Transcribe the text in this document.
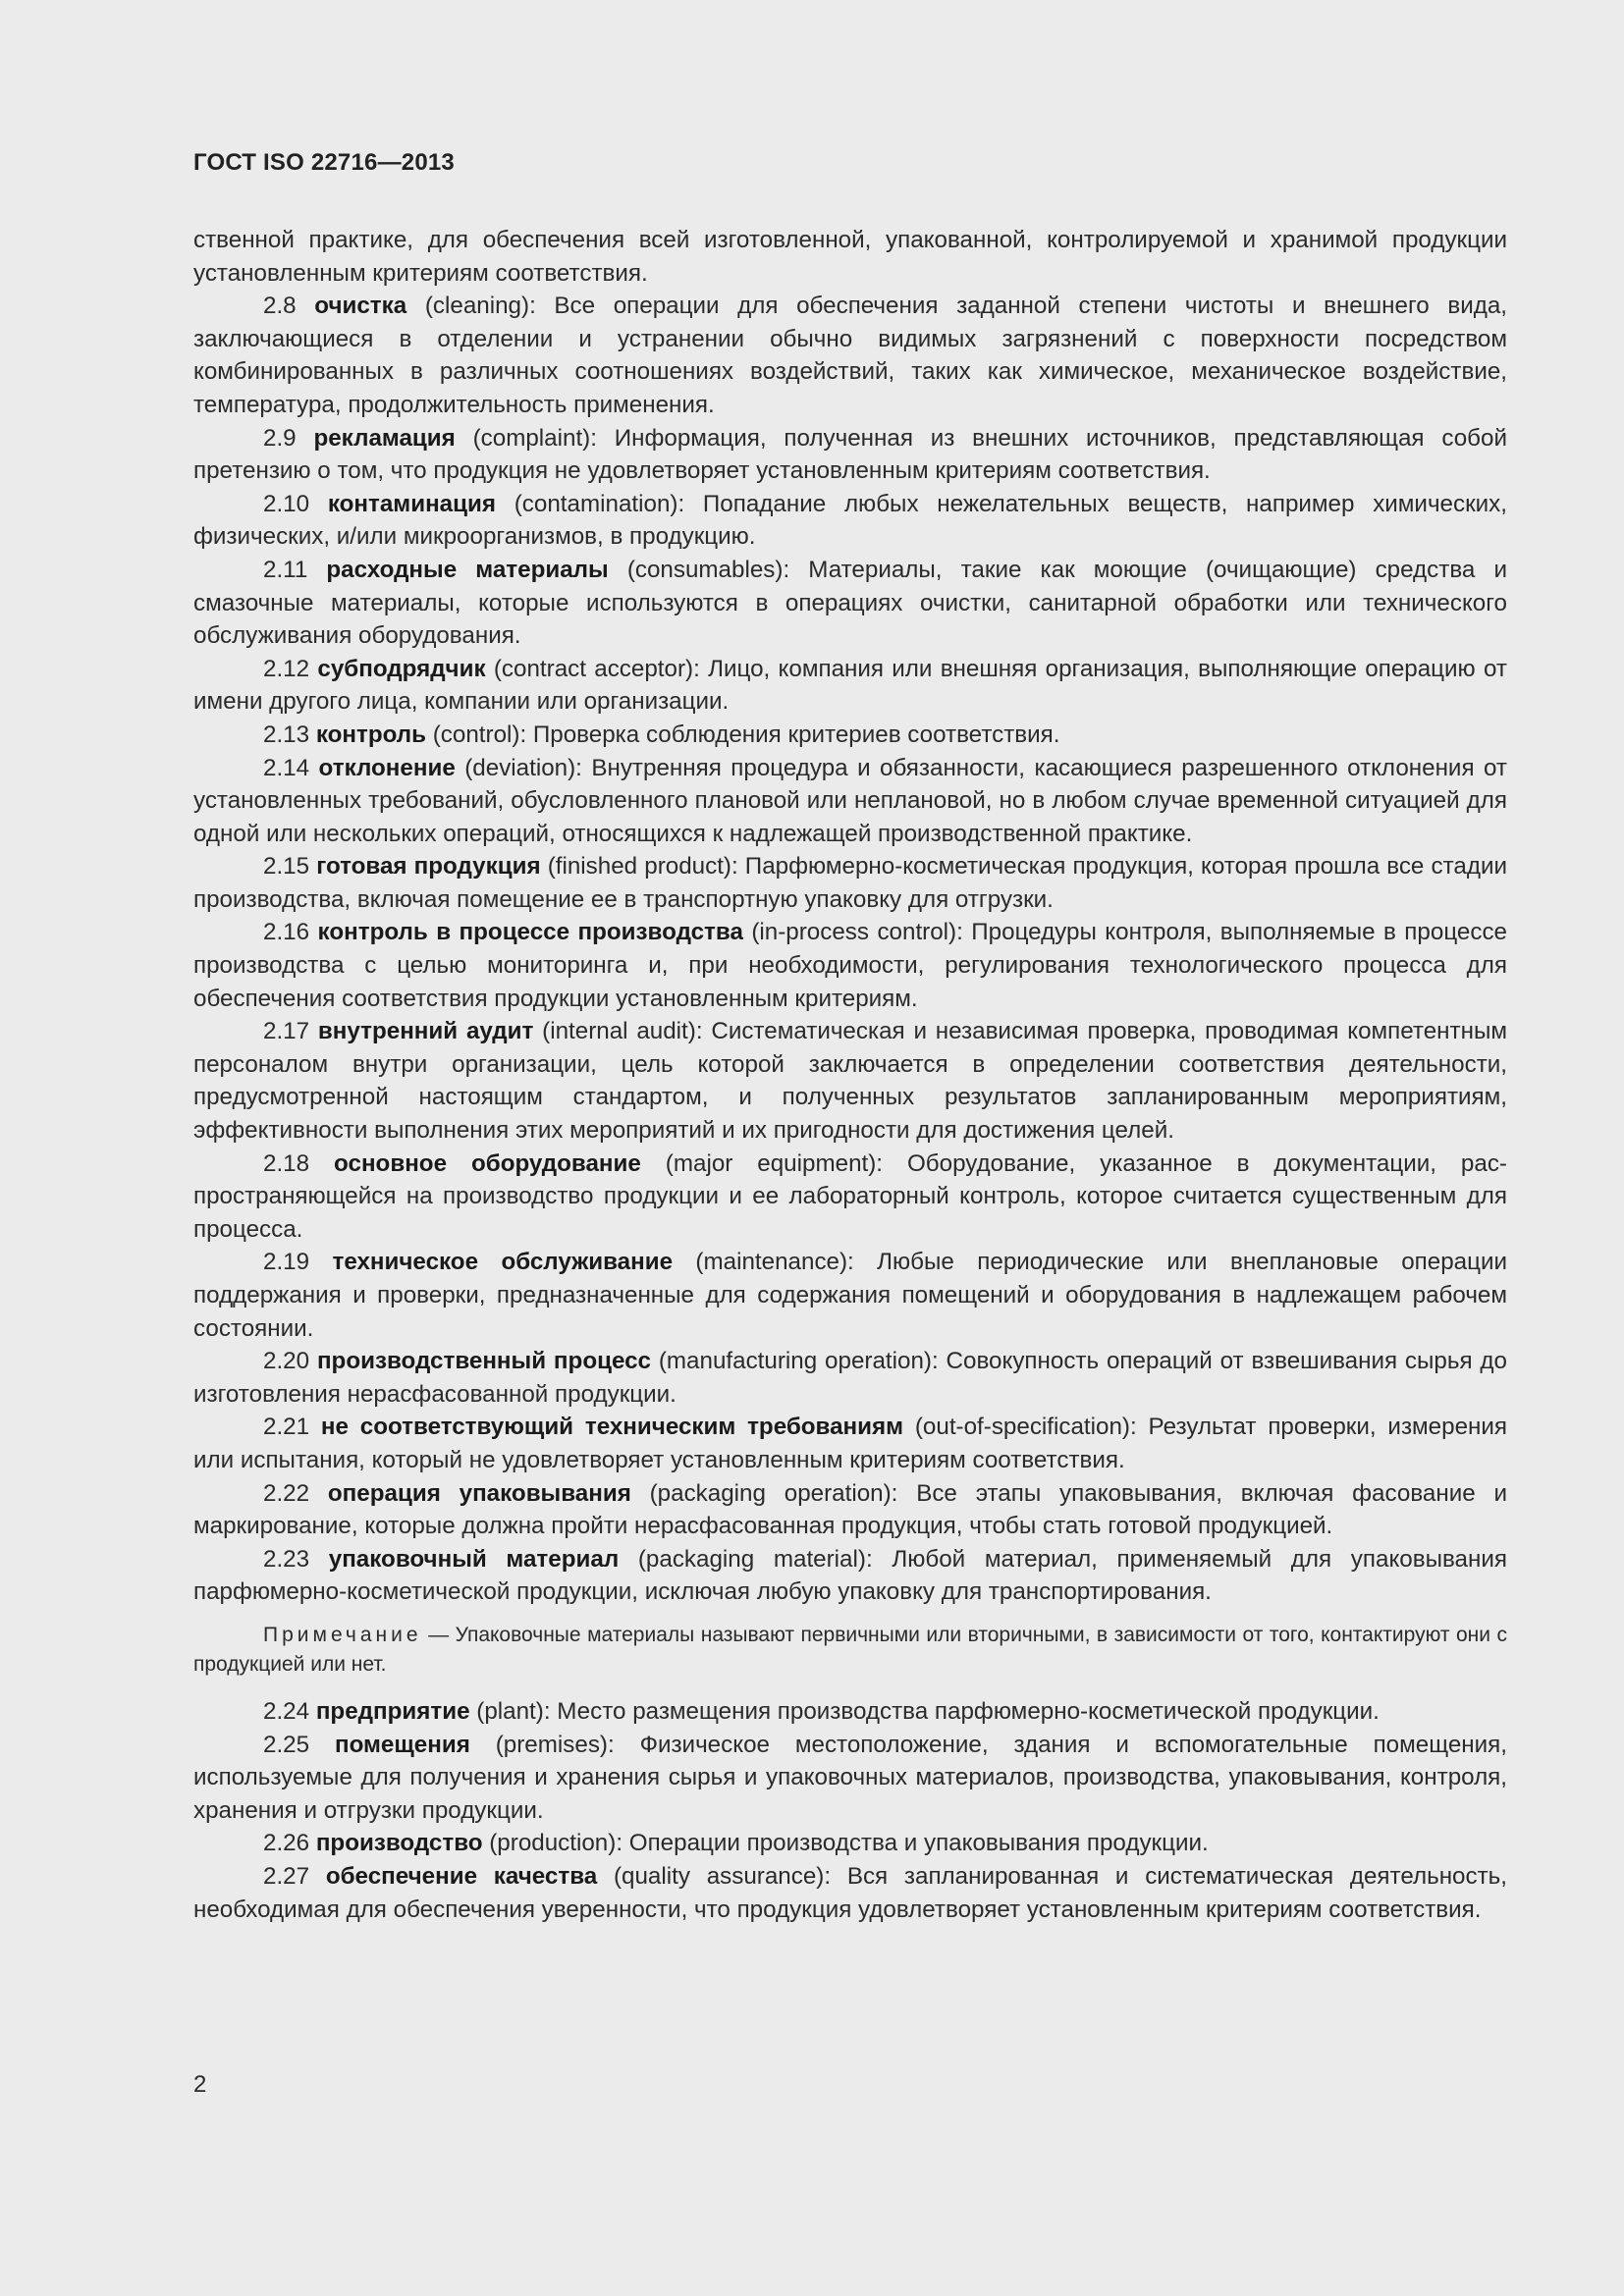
ГОСТ ISO 22716—2013

ственной практике, для обеспечения всей изготовленной, упакованной, контролируемой и хранимой продукции установленным критериям соответствия.

2.8 очистка (cleaning): Все операции для обеспечения заданной степени чистоты и внешнего вида, заключающиеся в отделении и устранении обычно видимых загрязнений с поверхности посредством комбинированных в различных соотношениях воздействий, таких как химическое, механическое воздействие, температура, продолжительность применения.

2.9 рекламация (complaint): Информация, полученная из внешних источников, представляющая собой претензию о том, что продукция не удовлетворяет установленным критериям соответствия.

2.10 контаминация (contamination): Попадание любых нежелательных веществ, например химических, физических, и/или микроорганизмов, в продукцию.

2.11 расходные материалы (consumables): Материалы, такие как моющие (очищающие) средства и смазочные материалы, которые используются в операциях очистки, санитарной обработки или технического обслуживания оборудования.

2.12 субподрядчик (contract acceptor): Лицо, компания или внешняя организация, выполняющие операцию от имени другого лица, компании или организации.

2.13 контроль (control): Проверка соблюдения критериев соответствия.

2.14 отклонение (deviation): Внутренняя процедура и обязанности, касающиеся разрешенного отклонения от установленных требований, обусловленного плановой или неплановой, но в любом случае временной ситуацией для одной или нескольких операций, относящихся к надлежащей производственной практике.

2.15 готовая продукция (finished product): Парфюмерно-косметическая продукция, которая прошла все стадии производства, включая помещение ее в транспортную упаковку для отгрузки.

2.16 контроль в процессе производства (in-process control): Процедуры контроля, выполняемые в процессе производства с целью мониторинга и, при необходимости, регулирования технологического процесса для обеспечения соответствия продукции установленным критериям.

2.17 внутренний аудит (internal audit): Систематическая и независимая проверка, проводимая компетентным персоналом внутри организации, цель которой заключается в определении соответствия деятельности, предусмотренной настоящим стандартом, и полученных результатов запланированным мероприятиям, эффективности выполнения этих мероприятий и их пригодности для достижения целей.

2.18 основное оборудование (major equipment): Оборудование, указанное в документации, распространяющейся на производство продукции и ее лабораторный контроль, которое считается существенным для процесса.

2.19 техническое обслуживание (maintenance): Любые периодические или внеплановые операции поддержания и проверки, предназначенные для содержания помещений и оборудования в надлежащем рабочем состоянии.

2.20 производственный процесс (manufacturing operation): Совокупность операций от взвешивания сырья до изготовления нерасфасованной продукции.

2.21 не соответствующий техническим требованиям (out-of-specification): Результат проверки, измерения или испытания, который не удовлетворяет установленным критериям соответствия.

2.22 операция упаковывания (packaging operation): Все этапы упаковывания, включая фасование и маркирование, которые должна пройти нерасфасованная продукция, чтобы стать готовой продукцией.

2.23 упаковочный материал (packaging material): Любой материал, применяемый для упаковывания парфюмерно-косметической продукции, исключая любую упаковку для транспортирования.

Примечание — Упаковочные материалы называют первичными или вторичными, в зависимости от того, контактируют они с продукцией или нет.

2.24 предприятие (plant): Место размещения производства парфюмерно-косметической продукции.

2.25 помещения (premises): Физическое местоположение, здания и вспомогательные помещения, используемые для получения и хранения сырья и упаковочных материалов, производства, упаковывания, контроля, хранения и отгрузки продукции.

2.26 производство (production): Операции производства и упаковывания продукции.

2.27 обеспечение качества (quality assurance): Вся запланированная и систематическая деятельность, необходимая для обеспечения уверенности, что продукция удовлетворяет установленным критериям соответствия.

2
